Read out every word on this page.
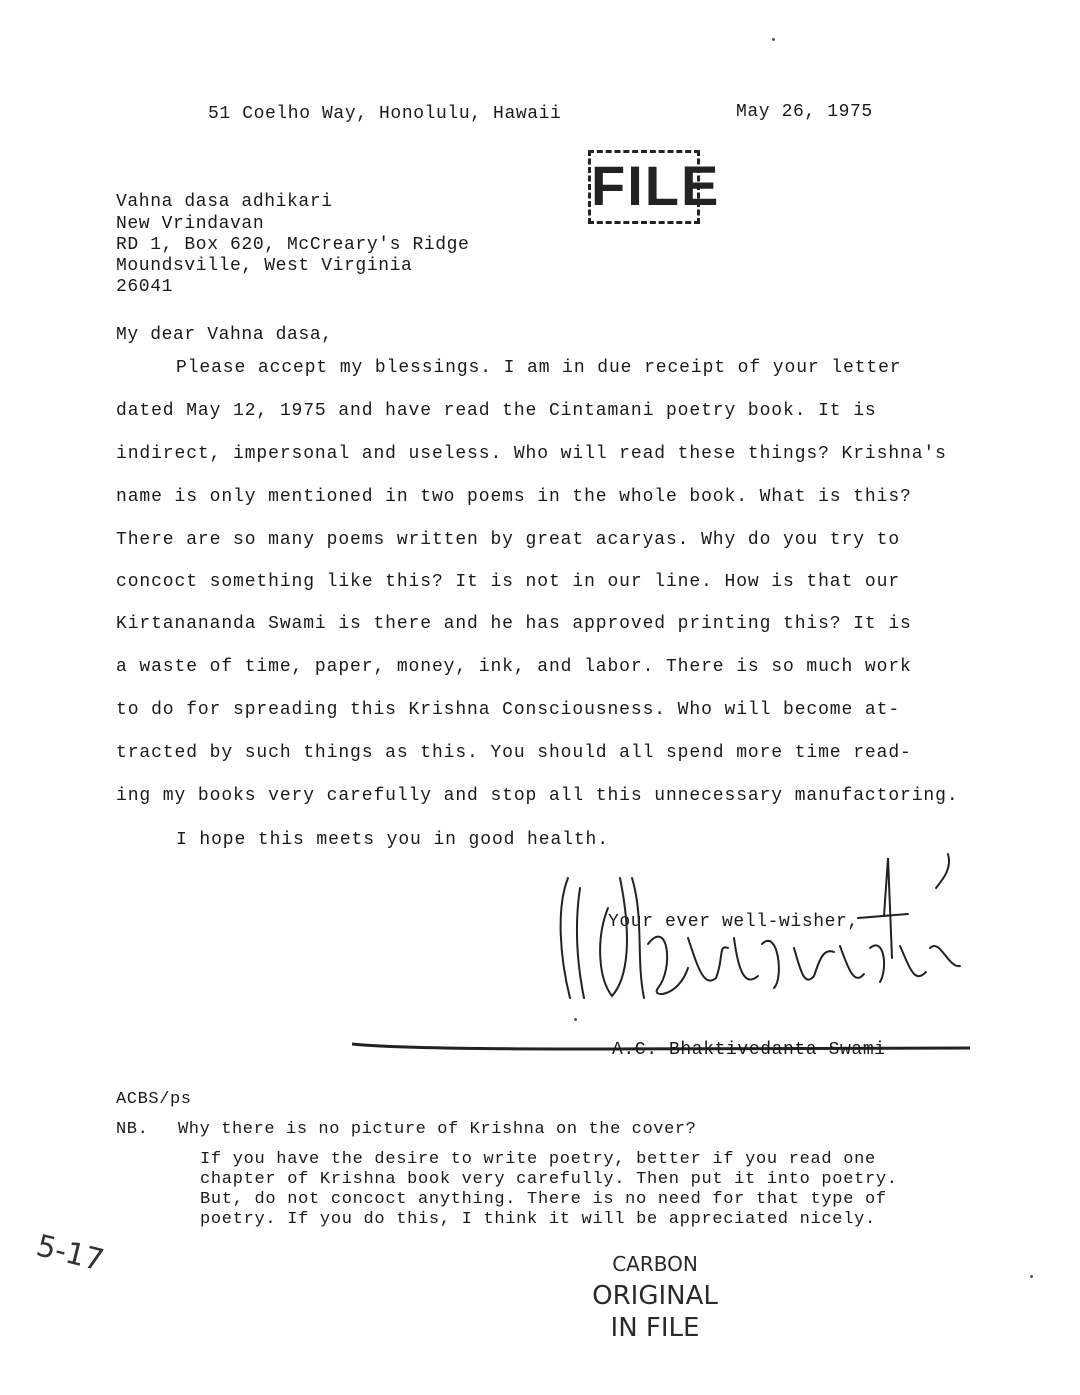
51 Coelho Way, Honolulu, Hawaii	May 26, 1975
FILE
Vahna dasa adhikari
New Vrindavan
RD 1, Box 620, McCreary's Ridge
Moundsville, West Virginia
26041
My dear Vahna dasa,
Please accept my blessings. I am in due receipt of your letter
dated May 12, 1975 and have read the Cintamani poetry book. It is
indirect, impersonal and useless. Who will read these things? Krishna's
name is only mentioned in two poems in the whole book. What is this?
There are so many poems written by great acaryas. Why do you try to
concoct something like this? It is not in our line. How is that our
Kirtanananda Swami is there and he has approved printing this? It is
a waste of time, paper, money, ink, and labor. There is so much work
to do for spreading this Krishna Consciousness. Who will become at-
tracted by such things as this. You should all spend more time read-
ing my books very carefully and stop all this unnecessary manufactoring.
I hope this meets you in good health.
Your ever well-wisher,
A.C. Bhaktivedanta Swami
ACBS/ps
NB. Why there is no picture of Krishna on the cover?
If you have the desire to write poetry, better if you read one
chapter of Krishna book very carefully. Then put it into poetry.
But, do not concoct anything. There is no need for that type of
poetry. If you do this, I think it will be appreciated nicely.
5-17	CARBON
ORIGINAL
IN FILE
